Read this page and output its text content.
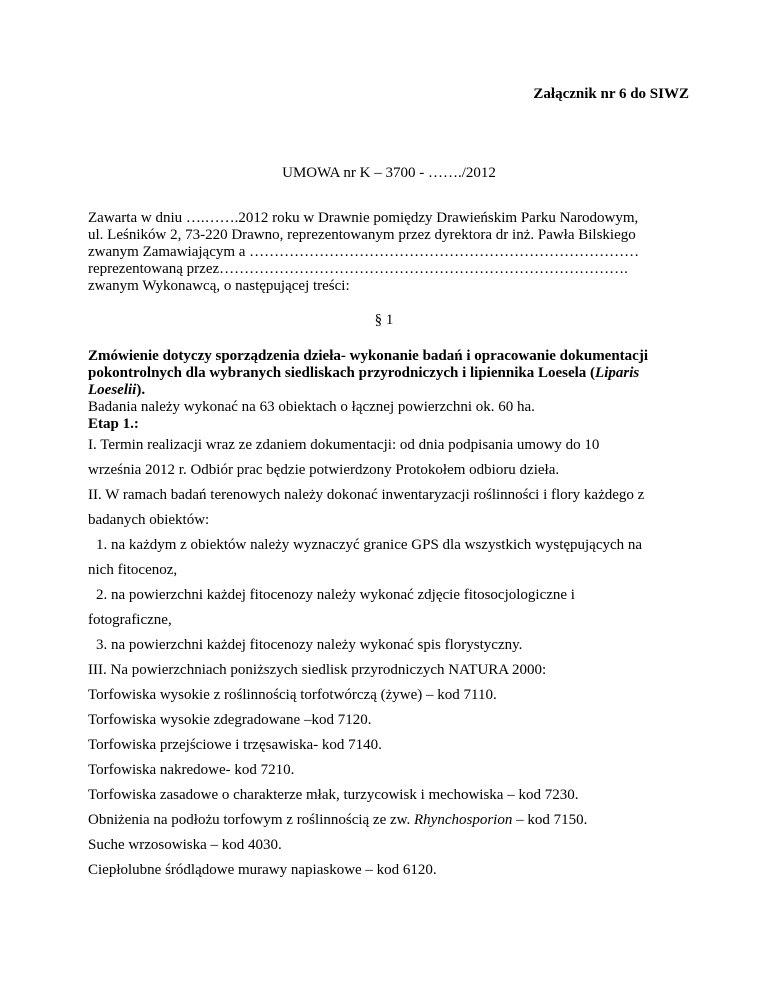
Załącznik nr 6 do SIWZ
UMOWA nr K – 3700 - ……./2012
Zawarta w dniu ….…….2012 roku w Drawnie pomiędzy Drawieńskim Parku Narodowym,
ul. Leśników 2, 73-220 Drawno, reprezentowanym przez dyrektora dr inż. Pawła Bilskiego
zwanym Zamawiającym a ……………………………………………………………………
reprezentowaną przez……………………………………………………………………….
zwanym Wykonawcą, o następującej treści:
§ 1
Zmówienie dotyczy sporządzenia dzieła- wykonanie badań i opracowanie dokumentacji
pokontrolnych dla wybranych siedliskach przyrodniczych i lipiennika Loesela (Liparis
Loeselii).
Badania należy wykonać na 63 obiektach o łącznej powierzchni ok. 60 ha.
Etap 1.:
I. Termin realizacji wraz ze zdaniem dokumentacji: od dnia podpisania umowy do 10
września 2012 r. Odbiór prac będzie potwierdzony Protokołem odbioru dzieła.
II. W ramach badań terenowych należy dokonać inwentaryzacji roślinności i flory każdego z
badanych obiektów:
1. na każdym z obiektów należy wyznaczyć granice GPS dla wszystkich występujących na
nich fitocenoz,
2. na powierzchni każdej fitocenozy należy wykonać zdjęcie fitosocjologiczne i
fotograficzne,
3. na powierzchni każdej fitocenozy należy wykonać spis florystyczny.
III. Na powierzchniach poniższych siedlisk przyrodniczych NATURA 2000:
Torfowiska wysokie z roślinnością torfotwórczą (żywe) – kod 7110.
Torfowiska wysokie zdegradowane –kod 7120.
Torfowiska przejściowe i trzęsawiska- kod 7140.
Torfowiska nakredowe- kod 7210.
Torfowiska zasadowe o charakterze młak, turzycowisk i mechowiska – kod 7230.
Obniżenia na podłożu torfowym z roślinnością ze zw. Rhynchosporion – kod 7150.
Suche wrzosowiska – kod 4030.
Ciepłolubne śródlądowe murawy napiaskowe – kod 6120.
